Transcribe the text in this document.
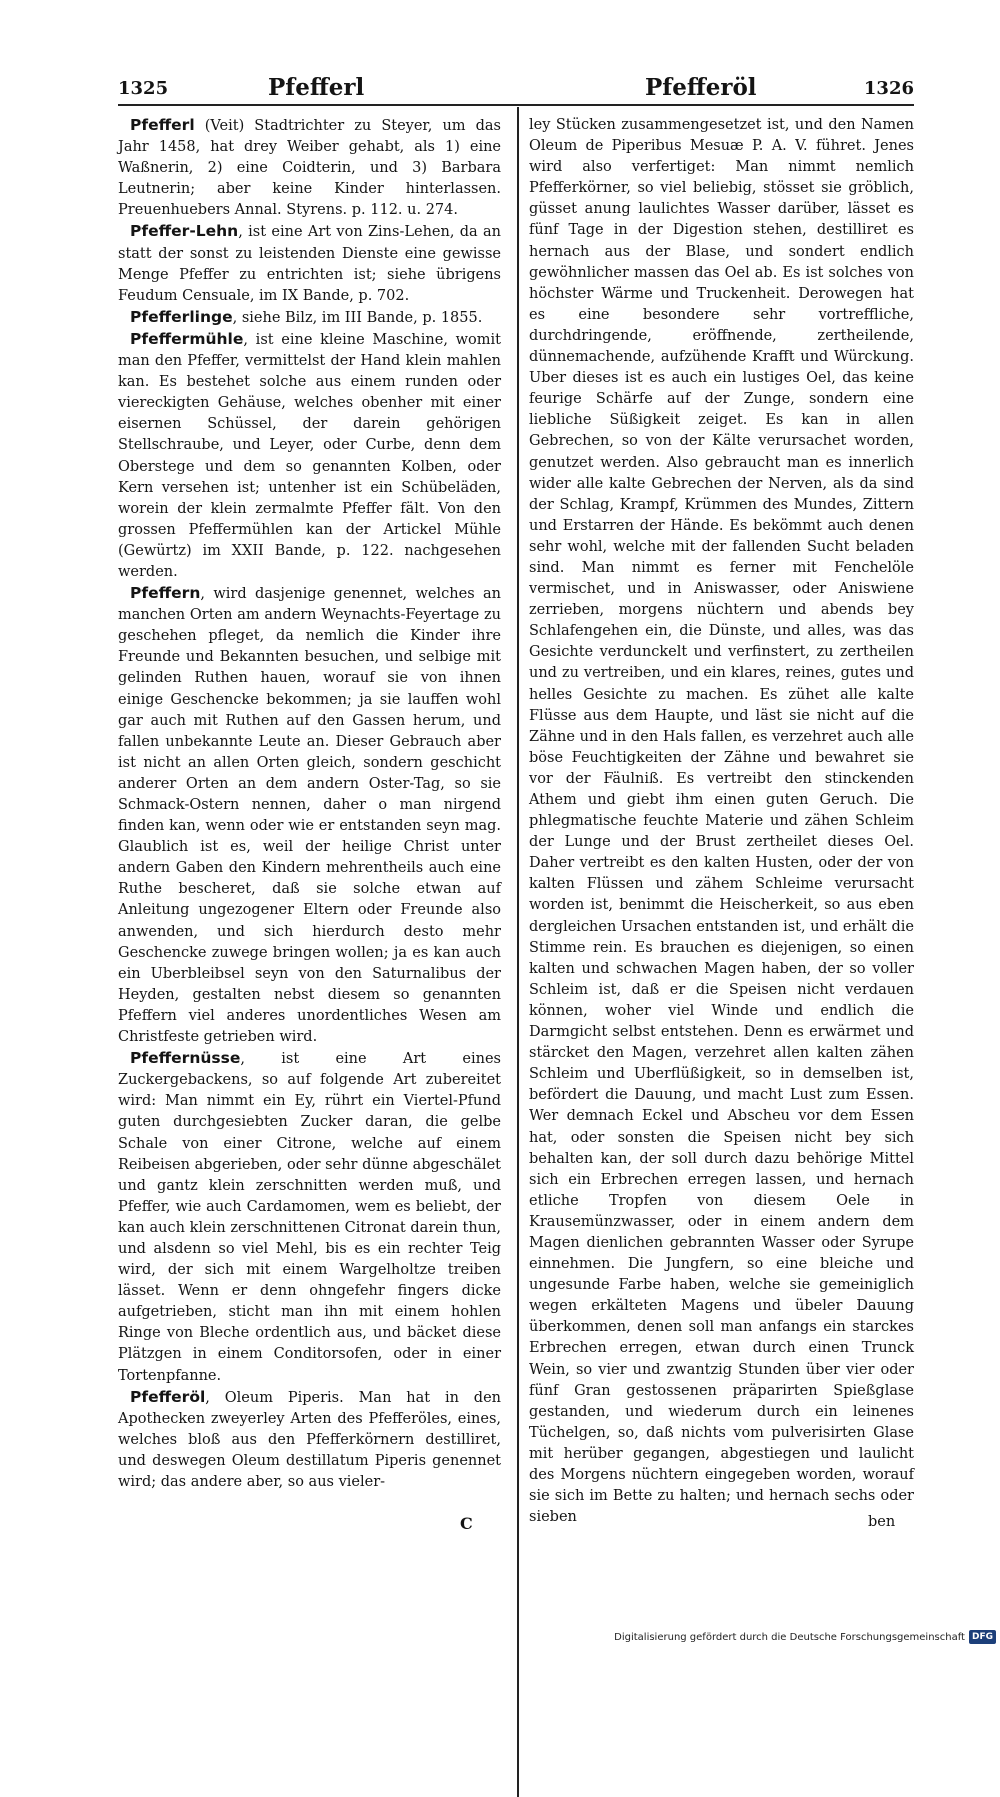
1325	Pfefferl	Pfefferöl	1326

Pfefferl (Veit) Stadtrichter zu Steyer, um das Jahr 1458, hat drey Weiber gehabt, als 1) eine Waßnerin, 2) eine Coidterin, und 3) Barbara Leutnerin; aber keine Kinder hinterlassen. Preuenhuebers Annal. Styrens. p. 112. u. 274.

Pfeffer-Lehn, ist eine Art von Zins-Lehen, da an statt der sonst zu leistenden Dienste eine gewisse Menge Pfeffer zu entrichten ist; siehe übrigens Feudum Censuale, im IX Bande, p. 702.

Pfefferlinge, siehe Bilz, im III Bande, p. 1855.

Pfeffermühle, ist eine kleine Maschine, womit man den Pfeffer, vermittelst der Hand klein mahlen kan. Es bestehet solche aus einem runden oder viereckigten Gehäuse, welches obenher mit einer eisernen Schüssel, der darein gehörigen Stellschraube, und Leyer, oder Curbe, denn dem Oberstege und dem so genannten Kolben, oder Kern versehen ist; untenher ist ein Schübeläden, worein der klein zermalmte Pfeffer fält. Von den grossen Pfeffermühlen kan der Artickel Mühle (Gewürtz) im XXII Bande, p. 122. nachgesehen werden.

Pfeffern, wird dasjenige genennet, welches an manchen Orten am andern Weynachts-Feyertage zu geschehen pfleget, da nemlich die Kinder ihre Freunde und Bekannten besuchen, und selbige mit gelinden Ruthen hauen, worauf sie von ihnen einige Geschencke bekommen; ja sie lauffen wohl gar auch mit Ruthen auf den Gassen herum, und fallen unbekannte Leute an. Dieser Gebrauch aber ist nicht an allen Orten gleich, sondern geschicht anderer Orten an dem andern Oster-Tag, so sie Schmack-Ostern nennen, daher o man nirgend finden kan, wenn oder wie er entstanden seyn mag. Glaublich ist es, weil der heilige Christ unter andern Gaben den Kindern mehrentheils auch eine Ruthe bescheret, daß sie solche etwan auf Anleitung ungezogener Eltern oder Freunde also anwenden, und sich hierdurch desto mehr Geschencke zuwege bringen wollen; ja es kan auch ein Uberbleibsel seyn von den Saturnalibus der Heyden, gestalten nebst diesem so genannten Pfeffern viel anderes unordentliches Wesen am Christfeste getrieben wird.

Pfeffernüsse, ist eine Art eines Zuckergebackens, so auf folgende Art zubereitet wird: Man nimmt ein Ey, rührt ein Viertel-Pfund guten durchgesiebten Zucker daran, die gelbe Schale von einer Citrone, welche auf einem Reibeisen abgerieben, oder sehr dünne abgeschälet und gantz klein zerschnitten werden muß, und Pfeffer, wie auch Cardamomen, wem es beliebt, der kan auch klein zerschnittenen Citronat darein thun, und alsdenn so viel Mehl, bis es ein rechter Teig wird, der sich mit einem Wargelholtze treiben lässet. Wenn er denn ohngefehr fingers dicke aufgetrieben, sticht man ihn mit einem hohlen Ringe von Bleche ordentlich aus, und bäcket diese Plätzgen in einem Conditorsofen, oder in einer Tortenpfanne.

Pfefferöl, Oleum Piperis. Man hat in den Apothecken zweyerley Arten des Pfefferöles, eines, welches bloß aus den Pfefferkörnern destilliret, und deswegen Oleum destillatum Piperis genennet wird; das andere aber, so aus vieler-

ley Stücken zusammengesetzet ist, und den Namen Oleum de Piperibus Mesuæ P. A. V. führet. Jenes wird also verfertiget: Man nimmt nemlich Pfefferkörner, so viel beliebig, stösset sie gröblich, güsset anung laulichtes Wasser darüber, lässet es fünf Tage in der Digestion stehen, destilliret es hernach aus der Blase, und sondert endlich gewöhnlicher massen das Oel ab. Es ist solches von höchster Wärme und Truckenheit. Derowegen hat es eine besondere sehr vortreffliche, durchdringende, eröffnende, zertheilende, dünnemachende, aufzühende Krafft und Würckung. Uber dieses ist es auch ein lustiges Oel, das keine feurige Schärfe auf der Zunge, sondern eine liebliche Süßigkeit zeiget. Es kan in allen Gebrechen, so von der Kälte verursachet worden, genutzet werden. Also gebraucht man es innerlich wider alle kalte Gebrechen der Nerven, als da sind der Schlag, Krampf, Krümmen des Mundes, Zittern und Erstarren der Hände. Es bekömmt auch denen sehr wohl, welche mit der fallenden Sucht beladen sind. Man nimmt es ferner mit Fenchelöle vermischet, und in Aniswasser, oder Aniswiene zerrieben, morgens nüchtern und abends bey Schlafengehen ein, die Dünste, und alles, was das Gesichte verdunckelt und verfinstert, zu zertheilen und zu vertreiben, und ein klares, reines, gutes und helles Gesichte zu machen. Es zühet alle kalte Flüsse aus dem Haupte, und läst sie nicht auf die Zähne und in den Hals fallen, es verzehret auch alle böse Feuchtigkeiten der Zähne und bewahret sie vor der Fäulniß. Es vertreibt den stinckenden Athem und giebt ihm einen guten Geruch. Die phlegmatische feuchte Materie und zähen Schleim der Lunge und der Brust zertheilet dieses Oel. Daher vertreibt es den kalten Husten, oder der von kalten Flüssen und zähem Schleime verursacht worden ist, benimmt die Heischerkeit, so aus eben dergleichen Ursachen entstanden ist, und erhält die Stimme rein. Es brauchen es diejenigen, so einen kalten und schwachen Magen haben, der so voller Schleim ist, daß er die Speisen nicht verdauen können, woher viel Winde und endlich die Darmgicht selbst entstehen. Denn es erwärmet und stärcket den Magen, verzehret allen kalten zähen Schleim und Uberflüßigkeit, so in demselben ist, befördert die Dauung, und macht Lust zum Essen. Wer demnach Eckel und Abscheu vor dem Essen hat, oder sonsten die Speisen nicht bey sich behalten kan, der soll durch dazu behörige Mittel sich ein Erbrechen erregen lassen, und hernach etliche Tropfen von diesem Oele in Krausemünzwasser, oder in einem andern dem Magen dienlichen gebrannten Wasser oder Syrupe einnehmen. Die Jungfern, so eine bleiche und ungesunde Farbe haben, welche sie gemeiniglich wegen erkälteten Magens und übeler Dauung überkommen, denen soll man anfangs ein starckes Erbrechen erregen, etwan durch einen Trunck Wein, so vier und zwantzig Stunden über vier oder fünf Gran gestossenen präparirten Spießglase gestanden, und wiederum durch ein leinenes Tüchelgen, so, daß nichts vom pulverisirten Glase mit herüber gegangen, abgestiegen und laulicht des Morgens nüchtern eingegeben worden, worauf sie sich im Bette zu halten; und hernach sechs oder sieben

C	ben
Digitalisierung gefördert durch die Deutsche Forschungsgemeinschaft DFG
